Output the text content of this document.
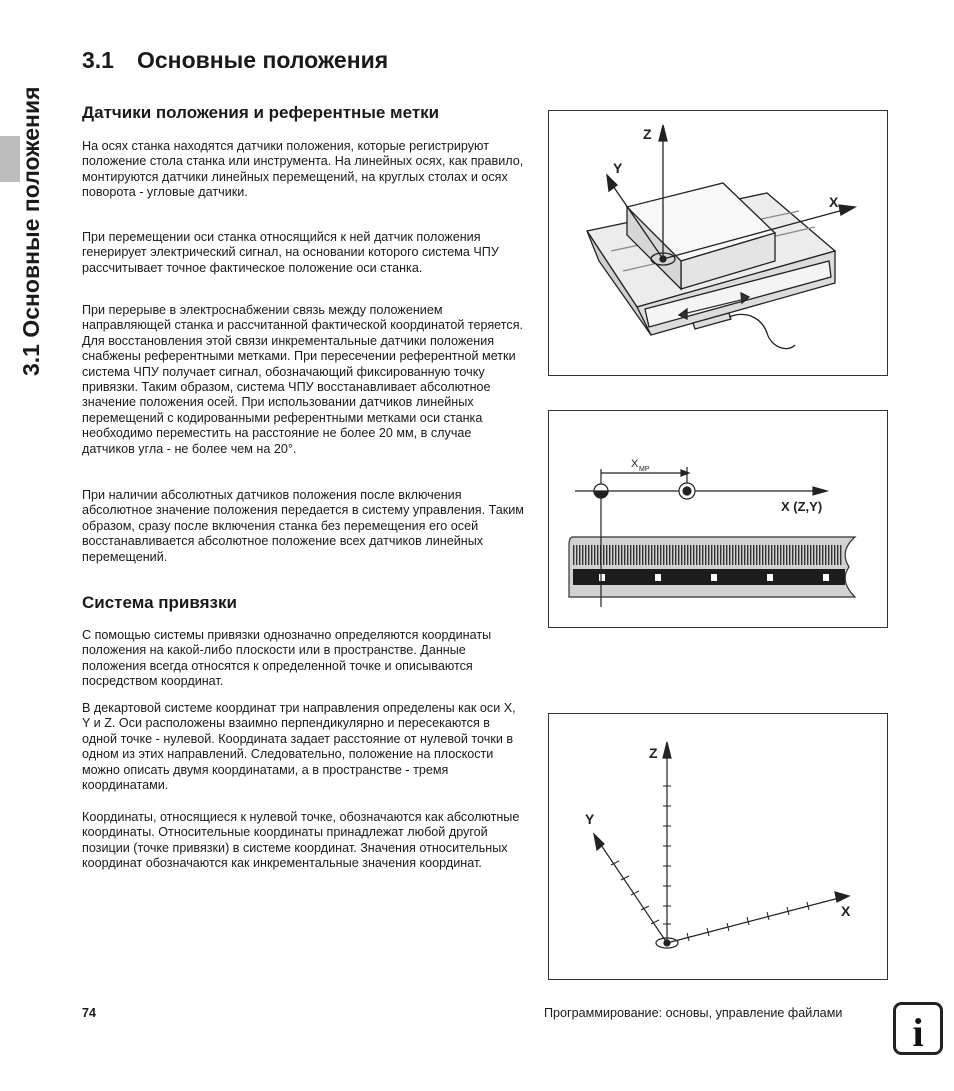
3.1 Основные положения
3.1 Основные положения
Датчики положения и референтные метки

На осях станка находятся датчики положения, которые регистрируют положение стола станка или инструмента. На линейных осях, как правило, монтируются датчики линейных перемещений, на круглых столах и осях поворота - угловые датчики.

При перемещении оси станка относящийся к ней датчик положения генерирует электрический сигнал, на основании которого система ЧПУ рассчитывает точное фактическое положение оси станка.

При перерыве в электроснабжении связь между положением направляющей станка и рассчитанной фактической координатой теряется. Для восстановления этой связи инкрементальные датчики положения снабжены референтными метками. При пересечении референтной метки система ЧПУ получает сигнал, обозначающий фиксированную точку привязки. Таким образом, система ЧПУ восстанавливает абсолютное значение положения осей. При использовании датчиков линейных перемещений с кодированными референтными метками оси станка необходимо переместить на расстояние не более 20 мм, в случае датчиков угла - не более чем на 20°.

При наличии абсолютных датчиков положения после включения абсолютное значение положения передается в систему управления. Таким образом, сразу после включения станка без перемещения его осей восстанавливается абсолютное положение всех датчиков линейных перемещений.

Система привязки

С помощью системы привязки однозначно определяются координаты положения на какой-либо плоскости или в пространстве. Данные положения всегда относятся к определенной точке и описываются посредством координат.

В декартовой системе координат три направления определены как оси X, Y и Z. Оси расположены взаимно перпендикулярно и пересекаются в одной точке - нулевой. Координата задает расстояние от нулевой точки в одном из этих направлений. Следовательно, положение на плоскости можно описать двумя координатами, а в пространстве - тремя координатами.

Координаты, относящиеся к нулевой точке, обозначаются как абсолютные координаты. Относительные координаты принадлежат любой другой позиции (точке привязки) в системе координат. Значения относительных координат обозначаются как инкрементальные значения координат.

Z
Y
X
X MP
X (Z,Y)
Z
Y
X
74	Программирование: основы, управление файлами i
